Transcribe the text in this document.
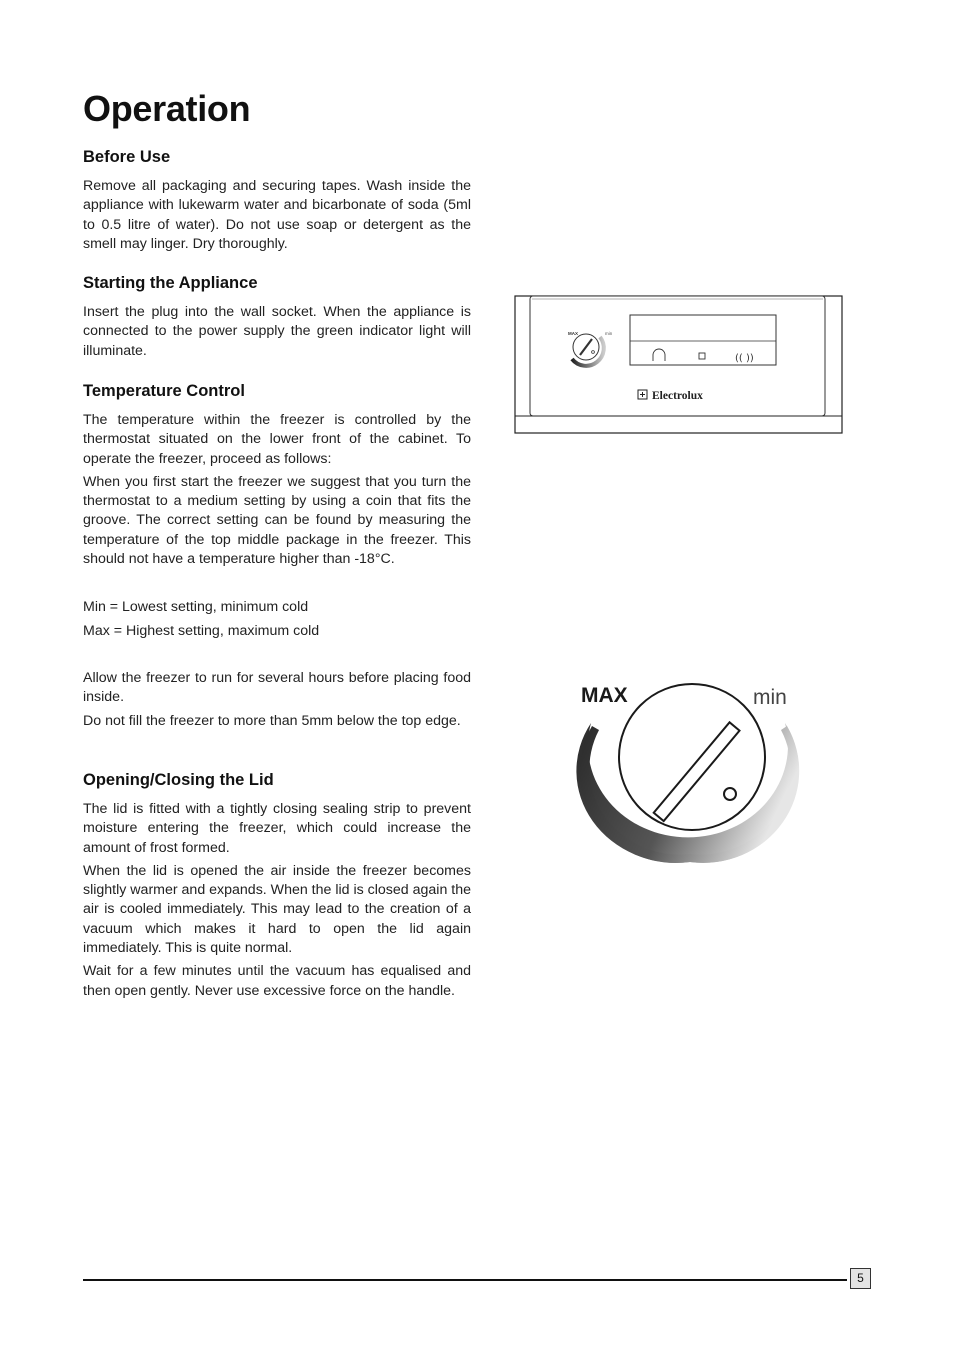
Operation
Before Use

Remove all packaging and securing tapes. Wash inside the appliance with lukewarm water and bicarbonate of soda (5ml to 0.5 litre of water). Do not use soap or detergent as the smell may linger. Dry thoroughly.

Starting the Appliance

Insert the plug into the wall socket. When the appliance is connected to the power supply the green indicator light will illuminate.

Temperature Control

The temperature within the freezer is controlled by the thermostat situated on the lower front of the cabinet. To operate the freezer, proceed as follows:

When you first start the freezer we suggest that you turn the thermostat to a medium setting by using a coin that fits the groove. The correct setting can be found by measuring the temperature of the top middle package in the freezer. This should not have a temperature higher than -18°C.

Min = Lowest setting, minimum cold

Max = Highest setting, maximum cold

Allow the freezer to run for several hours before placing food inside.

Do not fill the freezer to more than 5mm below the top edge.

Opening/Closing the Lid

The lid is fitted with a tightly closing sealing strip to prevent moisture entering the freezer, which could increase the amount of frost formed.

When the lid is opened the air inside the freezer becomes slightly warmer and expands. When the lid is closed again the air is cooled immediately. This may lead to the creation of a vacuum which makes it hard to open the lid again immediately. This is quite normal.

Wait for a few minutes until the vacuum has equalised and then open gently. Never use excessive force on the handle.

MAX	min
(( ))
Electrolux
MAX	min
5
